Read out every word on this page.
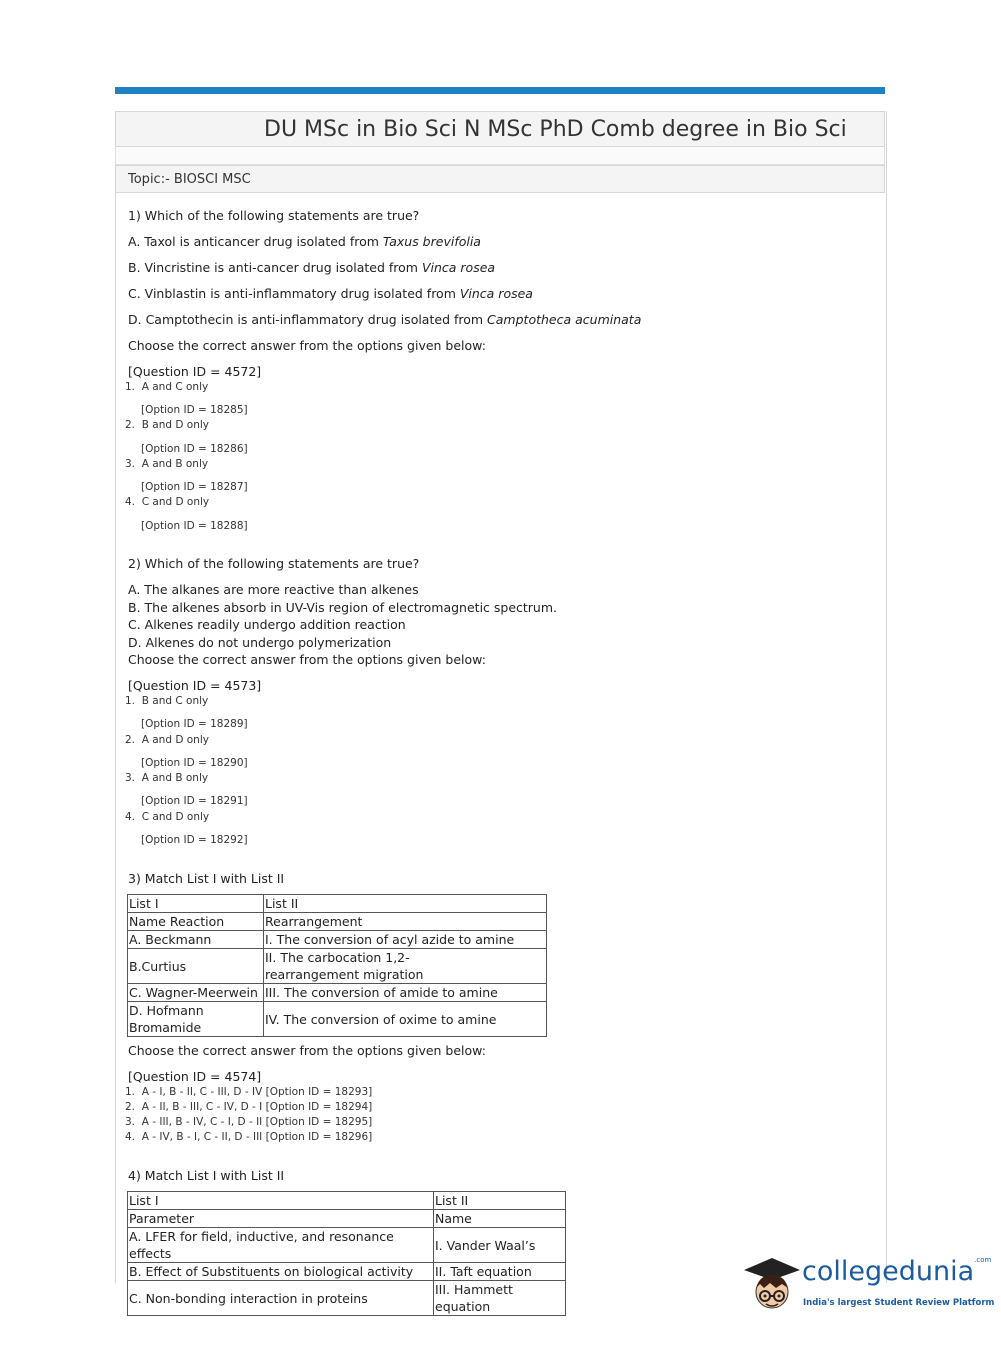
DU MSc in Bio Sci N MSc PhD Comb degree in Bio Sci
Topic:- BIOSCI MSC
1) Which of the following statements are true?
A. Taxol is anticancer drug isolated from Taxus brevifolia
B. Vincristine is anti-cancer drug isolated from Vinca rosea
C. Vinblastin is anti-inflammatory drug isolated from Vinca rosea
D. Camptothecin is anti-inflammatory drug isolated from Camptotheca acuminata
Choose the correct answer from the options given below:
[Question ID = 4572]
1. A and C only
[Option ID = 18285]
2. B and D only
[Option ID = 18286]
3. A and B only
[Option ID = 18287]
4. C and D only
[Option ID = 18288]
2) Which of the following statements are true?
A. The alkanes are more reactive than alkenes
B. The alkenes absorb in UV-Vis region of electromagnetic spectrum.
C. Alkenes readily undergo addition reaction
D. Alkenes do not undergo polymerization
Choose the correct answer from the options given below:
[Question ID = 4573]
1. B and C only
[Option ID = 18289]
2. A and D only
[Option ID = 18290]
3. A and B only
[Option ID = 18291]
4. C and D only
[Option ID = 18292]
3) Match List I with List II
List I	List II
Name Reaction	Rearrangement
A. Beckmann	I. The conversion of acyl azide to amine
B.Curtius	II. The carbocation 1,2-
rearrangement migration
C. Wagner-Meerwein	III. The conversion of amide to amine
D. Hofmann
Bromamide	IV. The conversion of oxime to amine
Choose the correct answer from the options given below:
[Question ID = 4574]
1. A - I, B - II, C - III, D - IV [Option ID = 18293]
2. A - II, B - III, C - IV, D - I [Option ID = 18294]
3. A - III, B - IV, C - I, D - II [Option ID = 18295]
4. A - IV, B - I, C - II, D - III [Option ID = 18296]
4) Match List I with List II
List I	List II
Parameter	Name
A. LFER for field, inductive, and resonance effects	I. Vander Waal’s
B. Effect of Substituents on biological activity	II. Taft equation
C. Non-bonding interaction in proteins	III. Hammett equation
collegedunia$^{.com}$
India's largest Student Review Platform
